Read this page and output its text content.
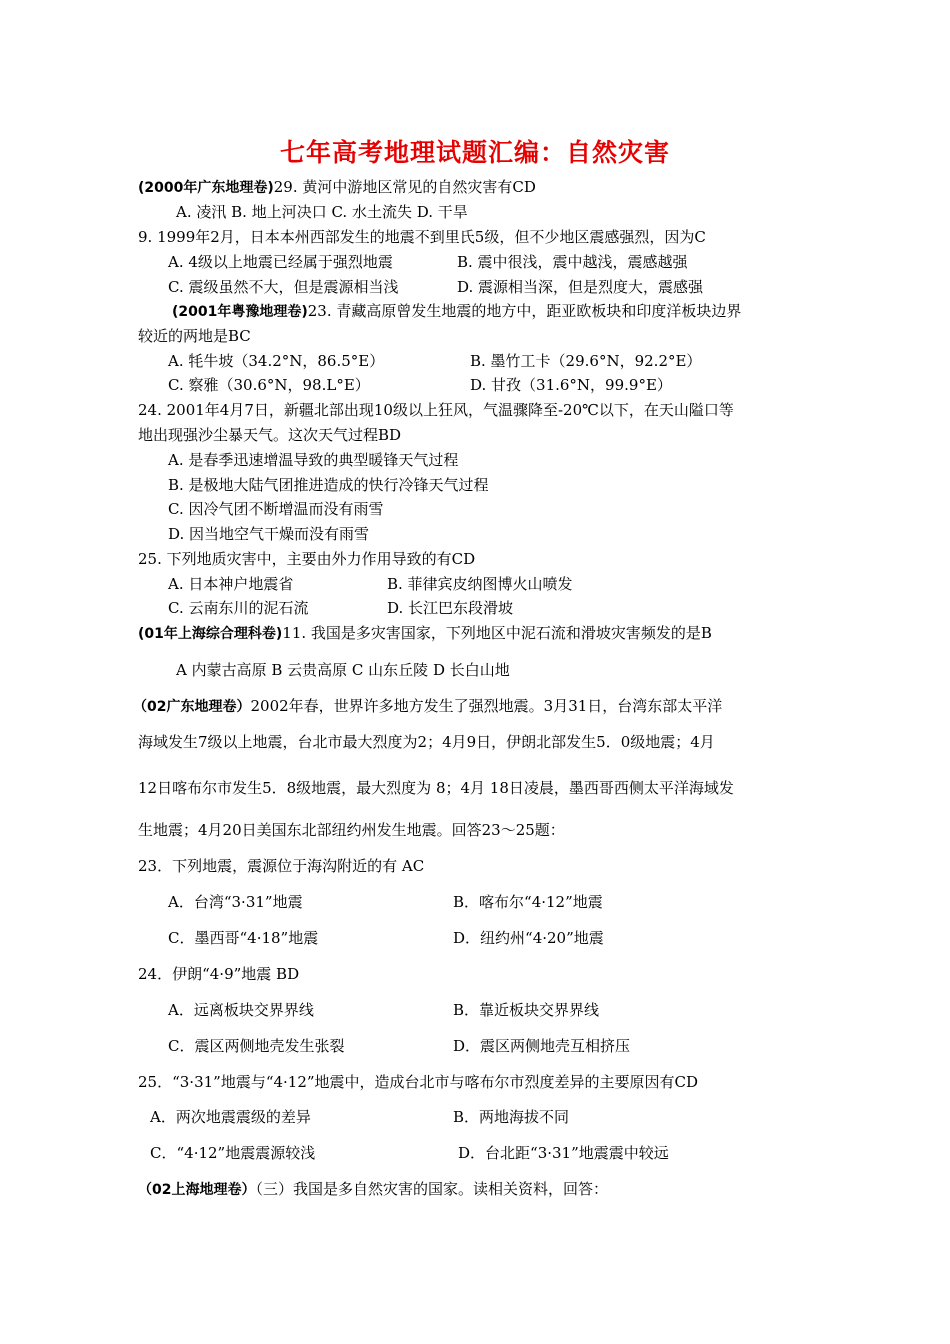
七年高考地理试题汇编：自然灾害
(2000年广东地理卷)29. 黄河中游地区常见的自然灾害有CD
A. 凌汛 B. 地上河决口 C. 水土流失 D. 干旱
9. 1999年2月，日本本州西部发生的地震不到里氏5级，但不少地区震感强烈，因为C
A. 4级以上地震已经属于强烈地震	B. 震中很浅，震中越浅，震感越强
C. 震级虽然不大，但是震源相当浅	D. 震源相当深，但是烈度大，震感强
(2001年粤豫地理卷)23. 青藏高原曾发生地震的地方中，距亚欧板块和印度洋板块边界
较近的两地是BC
A. 牦牛坡（34.2°N，86.5°E）	B. 墨竹工卡（29.6°N，92.2°E）
C. 察雅（30.6°N，98.L°E）	D. 甘孜（31.6°N，99.9°E）
24. 2001年4月7日，新疆北部出现10级以上狂风，气温骤降至-20℃以下，在天山隘口等
地出现强沙尘暴天气。这次天气过程BD
A. 是春季迅速增温导致的典型暖锋天气过程
B. 是极地大陆气团推进造成的快行冷锋天气过程
C. 因冷气团不断增温而没有雨雪
D. 因当地空气干燥而没有雨雪
25. 下列地质灾害中，主要由外力作用导致的有CD
A. 日本神户地震省	B. 菲律宾皮纳图博火山喷发
C. 云南东川的泥石流	D. 长江巴东段滑坡
(01年上海综合理科卷)11. 我国是多灾害国家，下列地区中泥石流和滑坡灾害频发的是B
A 内蒙古高原 B 云贵高原 C 山东丘陵 D 长白山地
（02广东地理卷）2002年春，世界许多地方发生了强烈地震。3月31日，台湾东部太平洋
海域发生7级以上地震，台北市最大烈度为2；4月9日，伊朗北部发生5．0级地震；4月
12日喀布尔市发生5．8级地震，最大烈度为 8；4月 18日凌晨，墨西哥西侧太平洋海域发
生地震；4月20日美国东北部纽约州发生地震。回答23～25题：
23．下列地震，震源位于海沟附近的有 AC
A．台湾“3·31”地震	B．喀布尔“4·12”地震
C．墨西哥“4·18”地震	D．纽约州“4·20”地震
24．伊朗“4·9”地震 BD
A．远离板块交界界线	B．靠近板块交界界线
C．震区两侧地壳发生张裂	D．震区两侧地壳互相挤压
25．“3·31”地震与“4·12”地震中，造成台北市与喀布尔市烈度差异的主要原因有CD
A．两次地震震级的差异	B．两地海拔不同
C．“4·12”地震震源较浅	D．台北距“3·31”地震震中较远
（02上海地理卷）（三）我国是多自然灾害的国家。读相关资料，回答：
